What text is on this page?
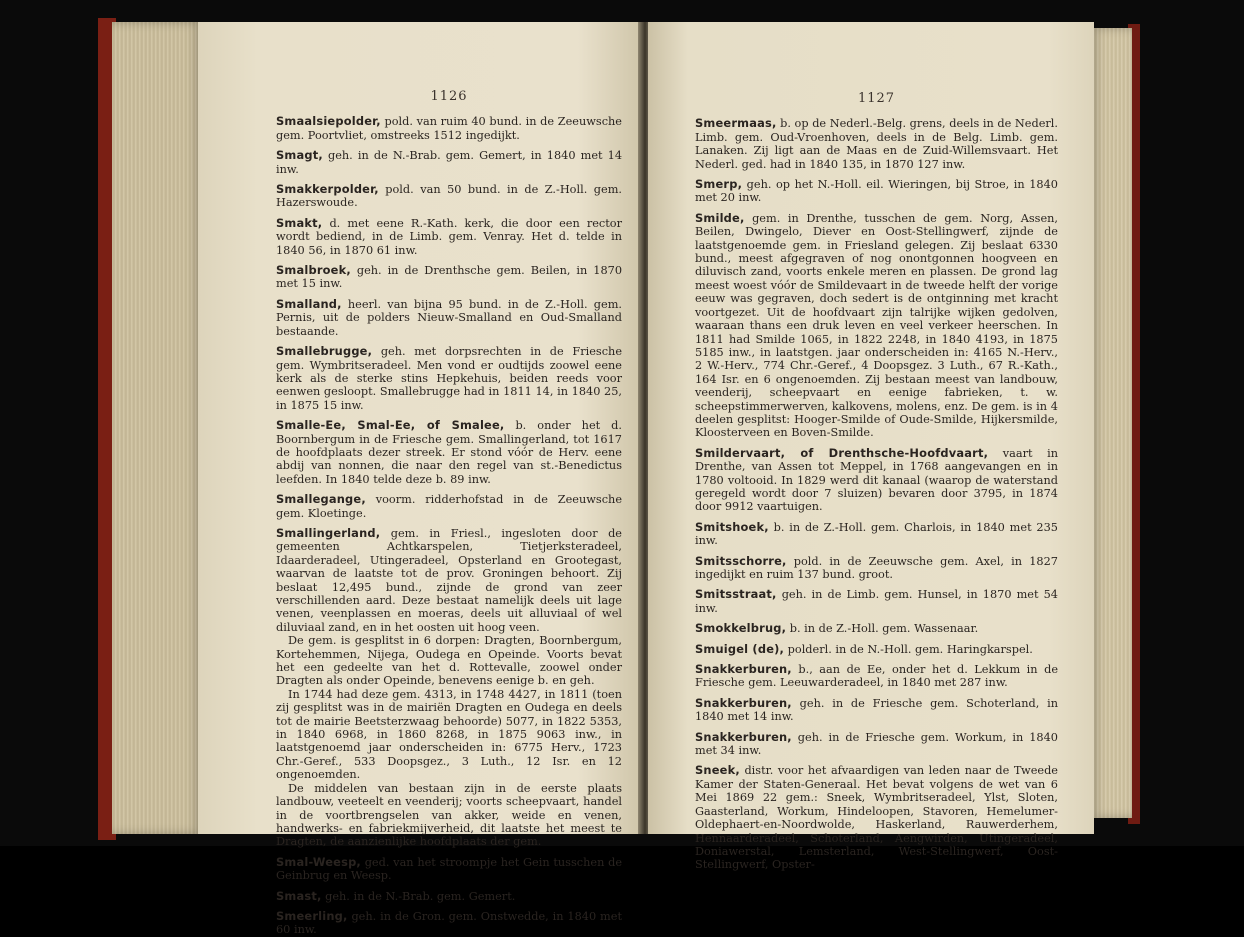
1126

Smaalsiepolder, pold. van ruim 40 bund. in de Zeeuwsche gem. Poortvliet, omstreeks 1512 ingedijkt.

Smagt, geh. in de N.-Brab. gem. Gemert, in 1840 met 14 inw.

Smakkerpolder, pold. van 50 bund. in de Z.-Holl. gem. Hazerswoude.

Smakt, d. met eene R.-Kath. kerk, die door een rector wordt bediend, in de Limb. gem. Venray. Het d. telde in 1840 56, in 1870 61 inw.

Smalbroek, geh. in de Drenthsche gem. Beilen, in 1870 met 15 inw.

Smalland, heerl. van bijna 95 bund. in de Z.-Holl. gem. Pernis, uit de polders Nieuw-Smalland en Oud-Smalland bestaande.

Smallebrugge, geh. met dorpsrechten in de Friesche gem. Wymbritseradeel. Men vond er oudtijds zoowel eene kerk als de sterke stins Hepkehuis, beiden reeds voor eenwen gesloopt. Smallebrugge had in 1811 14, in 1840 25, in 1875 15 inw.

Smalle-Ee, Smal-Ee, of Smalee, b. onder het d. Boornbergum in de Friesche gem. Smallingerland, tot 1617 de hoofdplaats dezer streek. Er stond vóór de Herv. eene abdij van nonnen, die naar den regel van st.-Benedictus leefden. In 1840 telde deze b. 89 inw.

Smallegange, voorm. ridderhofstad in de Zeeuwsche gem. Kloetinge.

Smallingerland, gem. in Friesl., ingesloten door de gemeenten Achtkarspelen, Tietjerksteradeel, Idaarderadeel, Utingeradeel, Opsterland en Grootegast, waarvan de laatste tot de prov. Groningen behoort. Zij beslaat 12,495 bund., zijnde de grond van zeer verschillenden aard. Deze bestaat namelijk deels uit lage venen, veenplassen en moeras, deels uit alluviaal of wel diluviaal zand, en in het oosten uit hoog veen.

De gem. is gesplitst in 6 dorpen: Dragten, Boornbergum, Kortehemmen, Nijega, Oudega en Opeinde. Voorts bevat het een gedeelte van het d. Rottevalle, zoowel onder Dragten als onder Opeinde, benevens eenige b. en geh.

In 1744 had deze gem. 4313, in 1748 4427, in 1811 (toen zij gesplitst was in de mairiën Dragten en Oudega en deels tot de mairie Beetsterzwaag behoorde) 5077, in 1822 5353, in 1840 6968, in 1860 8268, in 1875 9063 inw., in laatstgenoemd jaar onderscheiden in: 6775 Herv., 1723 Chr.-Geref., 533 Doopsgez., 3 Luth., 12 Isr. en 12 ongenoemden.

De middelen van bestaan zijn in de eerste plaats landbouw, veeteelt en veenderij; voorts scheepvaart, handel in de voortbrengselen van akker, weide en venen, handwerks- en fabriekmijverheid, dit laatste het meest te Dragten, de aanzienlijke hoofdplaats der gem.

Smal-Weesp, ged. van het stroompje het Gein tusschen de Geinbrug en Weesp.

Smast, geh. in de N.-Brab. gem. Gemert.

Smeerling, geh. in de Gron. gem. Onstwedde, in 1840 met 60 inw.

1127

Smeermaas, b. op de Nederl.-Belg. grens, deels in de Nederl. Limb. gem. Oud-Vroenhoven, deels in de Belg. Limb. gem. Lanaken. Zij ligt aan de Maas en de Zuid-Willemsvaart. Het Nederl. ged. had in 1840 135, in 1870 127 inw.

Smerp, geh. op het N.-Holl. eil. Wieringen, bij Stroe, in 1840 met 20 inw.

Smilde, gem. in Drenthe, tusschen de gem. Norg, Assen, Beilen, Dwingelo, Diever en Oost-Stellingwerf, zijnde de laatstgenoemde gem. in Friesland gelegen. Zij beslaat 6330 bund., meest afgegraven of nog onontgonnen hoogveen en diluvisch zand, voorts enkele meren en plassen. De grond lag meest woest vóór de Smildevaart in de tweede helft der vorige eeuw was gegraven, doch sedert is de ontginning met kracht voortgezet. Uit de hoofdvaart zijn talrijke wijken gedolven, waaraan thans een druk leven en veel verkeer heerschen. In 1811 had Smilde 1065, in 1822 2248, in 1840 4193, in 1875 5185 inw., in laatstgen. jaar onderscheiden in: 4165 N.-Herv., 2 W.-Herv., 774 Chr.-Geref., 4 Doopsgez. 3 Luth., 67 R.-Kath., 164 Isr. en 6 ongenoemden. Zij bestaan meest van landbouw, veenderij, scheepvaart en eenige fabrieken, t. w. scheepstimmerwerven, kalkovens, molens, enz. De gem. is in 4 deelen gesplitst: Hooger-Smilde of Oude-Smilde, Hijkersmilde, Kloosterveen en Boven-Smilde.

Smildervaart, of Drenthsche-Hoofdvaart, vaart in Drenthe, van Assen tot Meppel, in 1768 aangevangen en in 1780 voltooid. In 1829 werd dit kanaal (waarop de waterstand geregeld wordt door 7 sluizen) bevaren door 3795, in 1874 door 9912 vaartuigen.

Smitshoek, b. in de Z.-Holl. gem. Charlois, in 1840 met 235 inw.

Smitsschorre, pold. in de Zeeuwsche gem. Axel, in 1827 ingedijkt en ruim 137 bund. groot.

Smitsstraat, geh. in de Limb. gem. Hunsel, in 1870 met 54 inw.

Smokkelbrug, b. in de Z.-Holl. gem. Wassenaar.

Smuigel (de), polderl. in de N.-Holl. gem. Haringkarspel.

Snakkerburen, b., aan de Ee, onder het d. Lekkum in de Friesche gem. Leeuwarderadeel, in 1840 met 287 inw.

Snakkerburen, geh. in de Friesche gem. Schoterland, in 1840 met 14 inw.

Snakkerburen, geh. in de Friesche gem. Workum, in 1840 met 34 inw.

Sneek, distr. voor het afvaardigen van leden naar de Tweede Kamer der Staten-Generaal. Het bevat volgens de wet van 6 Mei 1869 22 gem.: Sneek, Wymbritseradeel, Ylst, Sloten, Gaasterland, Workum, Hindeloopen, Stavoren, Hemelumer-Oldephaert-en-Noordwolde, Haskerland, Rauwerderhem, Hennaarderadeel, Schoterland, Aengwirden, Utingeradeel, Doniawerstal, Lemsterland, West-Stellingwerf, Oost-Stellingwerf, Opster-
